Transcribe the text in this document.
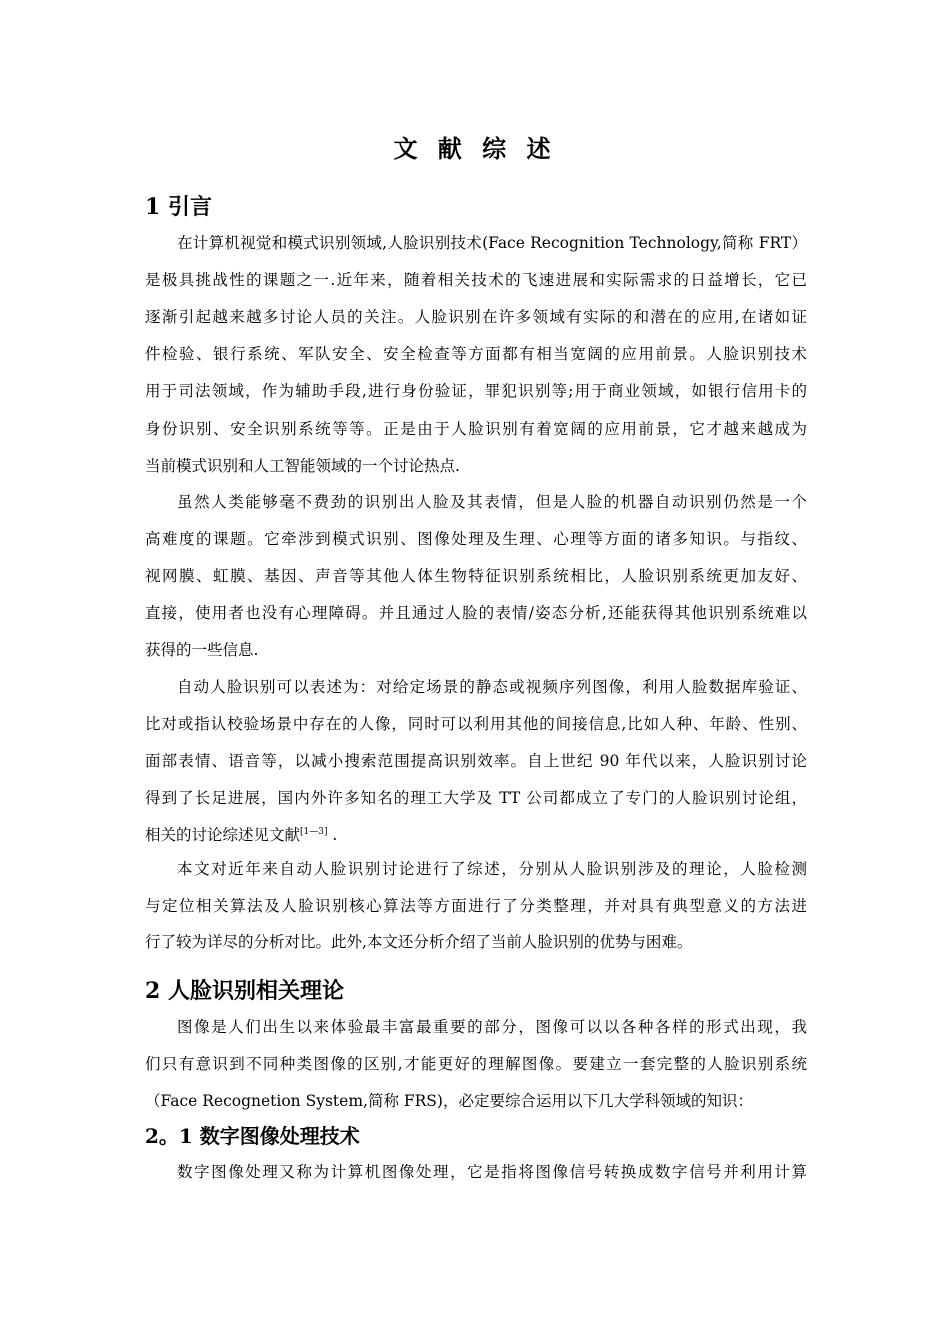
文 献 综 述
1 引言

在计算机视觉和模式识别领域,人脸识别技术(Face Recognition Technology,简称 FRT）

是极具挑战性的课题之一.近年来，随着相关技术的飞速进展和实际需求的日益增长，它已

逐渐引起越来越多讨论人员的关注。人脸识别在许多领域有实际的和潜在的应用,在诸如证

件检验、银行系统、军队安全、安全检查等方面都有相当宽阔的应用前景。人脸识别技术

用于司法领域，作为辅助手段,进行身份验证，罪犯识别等;用于商业领域，如银行信用卡的

身份识别、安全识别系统等等。正是由于人脸识别有着宽阔的应用前景，它才越来越成为

当前模式识别和人工智能领域的一个讨论热点.

虽然人类能够毫不费劲的识别出人脸及其表情，但是人脸的机器自动识别仍然是一个

高难度的课题。它牵涉到模式识别、图像处理及生理、心理等方面的诸多知识。与指纹、

视网膜、虹膜、基因、声音等其他人体生物特征识别系统相比，人脸识别系统更加友好、

直接，使用者也没有心理障碍。并且通过人脸的表情/姿态分析,还能获得其他识别系统难以

获得的一些信息.

自动人脸识别可以表述为：对给定场景的静态或视频序列图像，利用人脸数据库验证、

比对或指认校验场景中存在的人像，同时可以利用其他的间接信息,比如人种、年龄、性别、

面部表情、语音等，以减小搜索范围提高识别效率。自上世纪 90 年代以来，人脸识别讨论

得到了长足进展，国内外许多知名的理工大学及 TT 公司都成立了专门的人脸识别讨论组，

相关的讨论综述见文献[1—3] .

本文对近年来自动人脸识别讨论进行了综述，分别从人脸识别涉及的理论，人脸检测

与定位相关算法及人脸识别核心算法等方面进行了分类整理，并对具有典型意义的方法进

行了较为详尽的分析对比。此外,本文还分析介绍了当前人脸识别的优势与困难。

2 人脸识别相关理论

图像是人们出生以来体验最丰富最重要的部分，图像可以以各种各样的形式出现，我

们只有意识到不同种类图像的区别,才能更好的理解图像。要建立一套完整的人脸识别系统

（Face Recognetion System,简称 FRS)，必定要综合运用以下几大学科领域的知识：

2。1 数字图像处理技术

数字图像处理又称为计算机图像处理，它是指将图像信号转换成数字信号并利用计算
